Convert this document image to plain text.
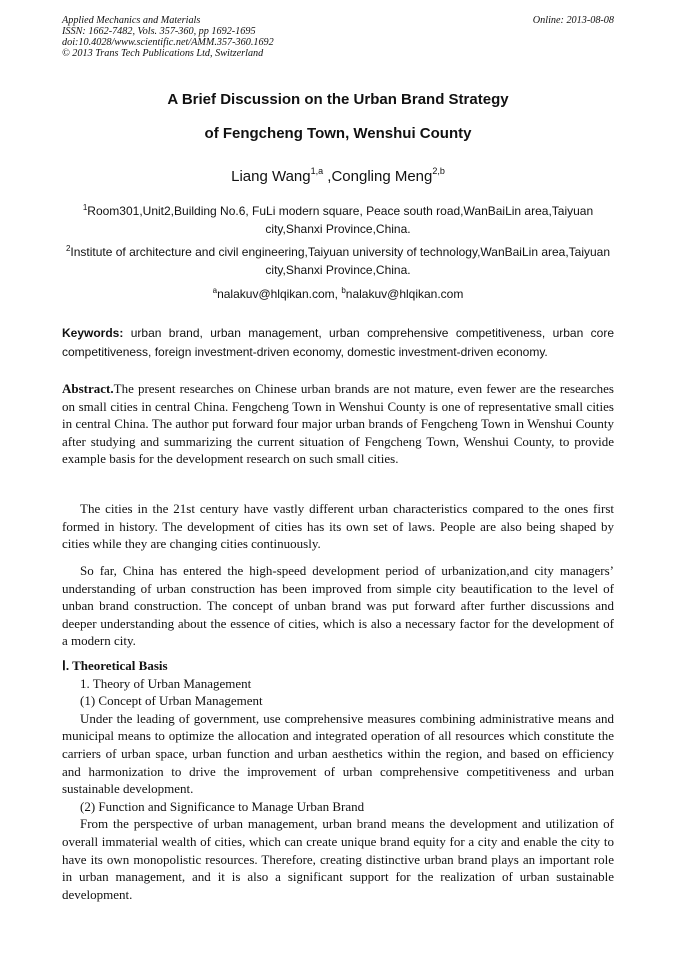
Applied Mechanics and Materials
ISSN: 1662-7482, Vols. 357-360, pp 1692-1695
doi:10.4028/www.scientific.net/AMM.357-360.1692
© 2013 Trans Tech Publications Ltd, Switzerland
Online: 2013-08-08
A Brief Discussion on the Urban Brand Strategy
of Fengcheng Town, Wenshui County
Liang Wang$^{1,a}$ ,Congling Meng$^{2,b}$
$^1$Room301,Unit2,Building No.6, FuLi modern square, Peace south road,WanBaiLin area,Taiyuan city,Shanxi Province,China.
$^2$Institute of architecture and civil engineering,Taiyuan university of technology,WanBaiLin area,Taiyuan city,Shanxi Province,China.
$^a$nalakuv@hlqikan.com, $^b$nalakuv@hlqikan.com
Keywords: urban brand, urban management, urban comprehensive competitiveness, urban core competitiveness, foreign investment-driven economy, domestic investment-driven economy.

Abstract.The present researches on Chinese urban brands are not mature, even fewer are the researches on small cities in central China. Fengcheng Town in Wenshui County is one of representative small cities in central China. The author put forward four major urban brands of Fengcheng Town in Wenshui County after studying and summarizing the current situation of Fengcheng Town, Wenshui County, to provide example basis for the development research on such small cities.

The cities in the 21st century have vastly different urban characteristics compared to the ones first formed in history. The development of cities has its own set of laws. People are also being shaped by cities while they are changing cities continuously.

So far, China has entered the high-speed development period of urbanization,and city managers’ understanding of urban construction has been improved from simple city beautification to the level of unban brand construction. The concept of unban brand was put forward after further discussions and deeper understanding about the essence of cities, which is also a necessary factor for the development of a modern city.

Ⅰ. Theoretical Basis

1. Theory of Urban Management

(1) Concept of Urban Management

Under the leading of government, use comprehensive measures combining administrative means and municipal means to optimize the allocation and integrated operation of all resources which constitute the carriers of urban space, urban function and urban aesthetics within the region, and based on efficiency and harmonization to drive the improvement of urban comprehensive competitiveness and urban sustainable development.

(2) Function and Significance to Manage Urban Brand

From the perspective of urban management, urban brand means the development and utilization of overall immaterial wealth of cities, which can create unique brand equity for a city and enable the city to have its own monopolistic resources. Therefore, creating distinctive urban brand plays an important role in urban management, and it is also a significant support for the realization of urban sustainable development.
